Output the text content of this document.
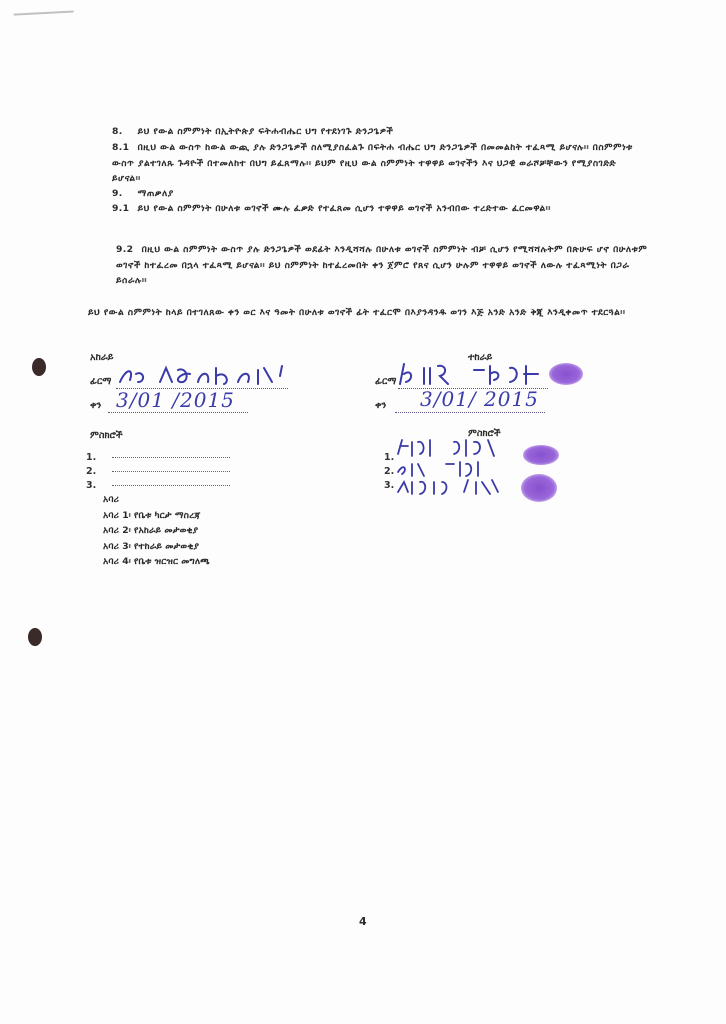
8. ይህ የውል ስምምነት በኢትዮጵያ ፍትሐብሔር ህግ የተደነገጉ ድንጋጌዎች
8.1 በዚህ ውል ውስጥ ከውል ውጪ ያሉ ድንጋጌዎች ስለሚያስፈልጉ በፍትሐ ብሔር ህግ ድንጋጌዎች በመመልከት ተፈጻሚ ይሆናሉ፡፡ በስምምነቱ ውስጥ ያልተገለጹ ጉዳዮች በተመለከተ በህግ ይፈጸማሉ፡፡ ይህም የዚህ ውል ስምምነት ተዋዋይ ወገኖችን እና ህጋዊ ወራሾቻቸውን የሚያስገድድ ይሆናል፡፡
9. ማጠቃለያ
9.1 ይህ የውል ስምምነት በሁለቱ ወገኖች ሙሉ ፈቃድ የተፈጸመ ሲሆን ተዋዋይ ወገኖች አንብበው ተረድተው ፈርመዋል፡፡
9.2 በዚህ ውል ስምምነት ውስጥ ያሉ ድንጋጌዎች ወደፊት እንዲሻሻሉ በሁለቱ ወገኖች ስምምነት ብቻ ሲሆን የሚሻሻሉትም በጽሁፍ ሆኖ በሁለቱም ወገኖች ከተፈረመ በኋላ ተፈጻሚ ይሆናል፡፡ ይህ ስምምነት ከተፈረመበት ቀን ጀምሮ የጸና ሲሆን ሁሉም ተዋዋይ ወገኖች ለውሉ ተፈጻሚነት በጋራ ይሰራሉ፡፡
ይህ የውል ስምምነት ከላይ በተገለጸው ቀን ወር እና ዓመት በሁለቱ ወገኖች ፊት ተፈርሞ በእያንዳንዱ ወገን እጅ አንድ አንድ ቅጂ እንዲቀመጥ ተደርጓል፡፡
አከራይ
ፊርማ
ቀን 3/01 /2015
ተከራይ
ፊርማ
ቀን 3/01/ 2015
ምስክሮች
1.
2.
3.
ምስክሮች
1.
2.
3.
አባሪ
አባሪ 1፡ የቤቱ ካርታ ማስረጃ
አባሪ 2፡ የአከራይ መታወቂያ
አባሪ 3፡ የተከራይ መታወቂያ
አባሪ 4፡ የቤቱ ዝርዝር መግለጫ
4
